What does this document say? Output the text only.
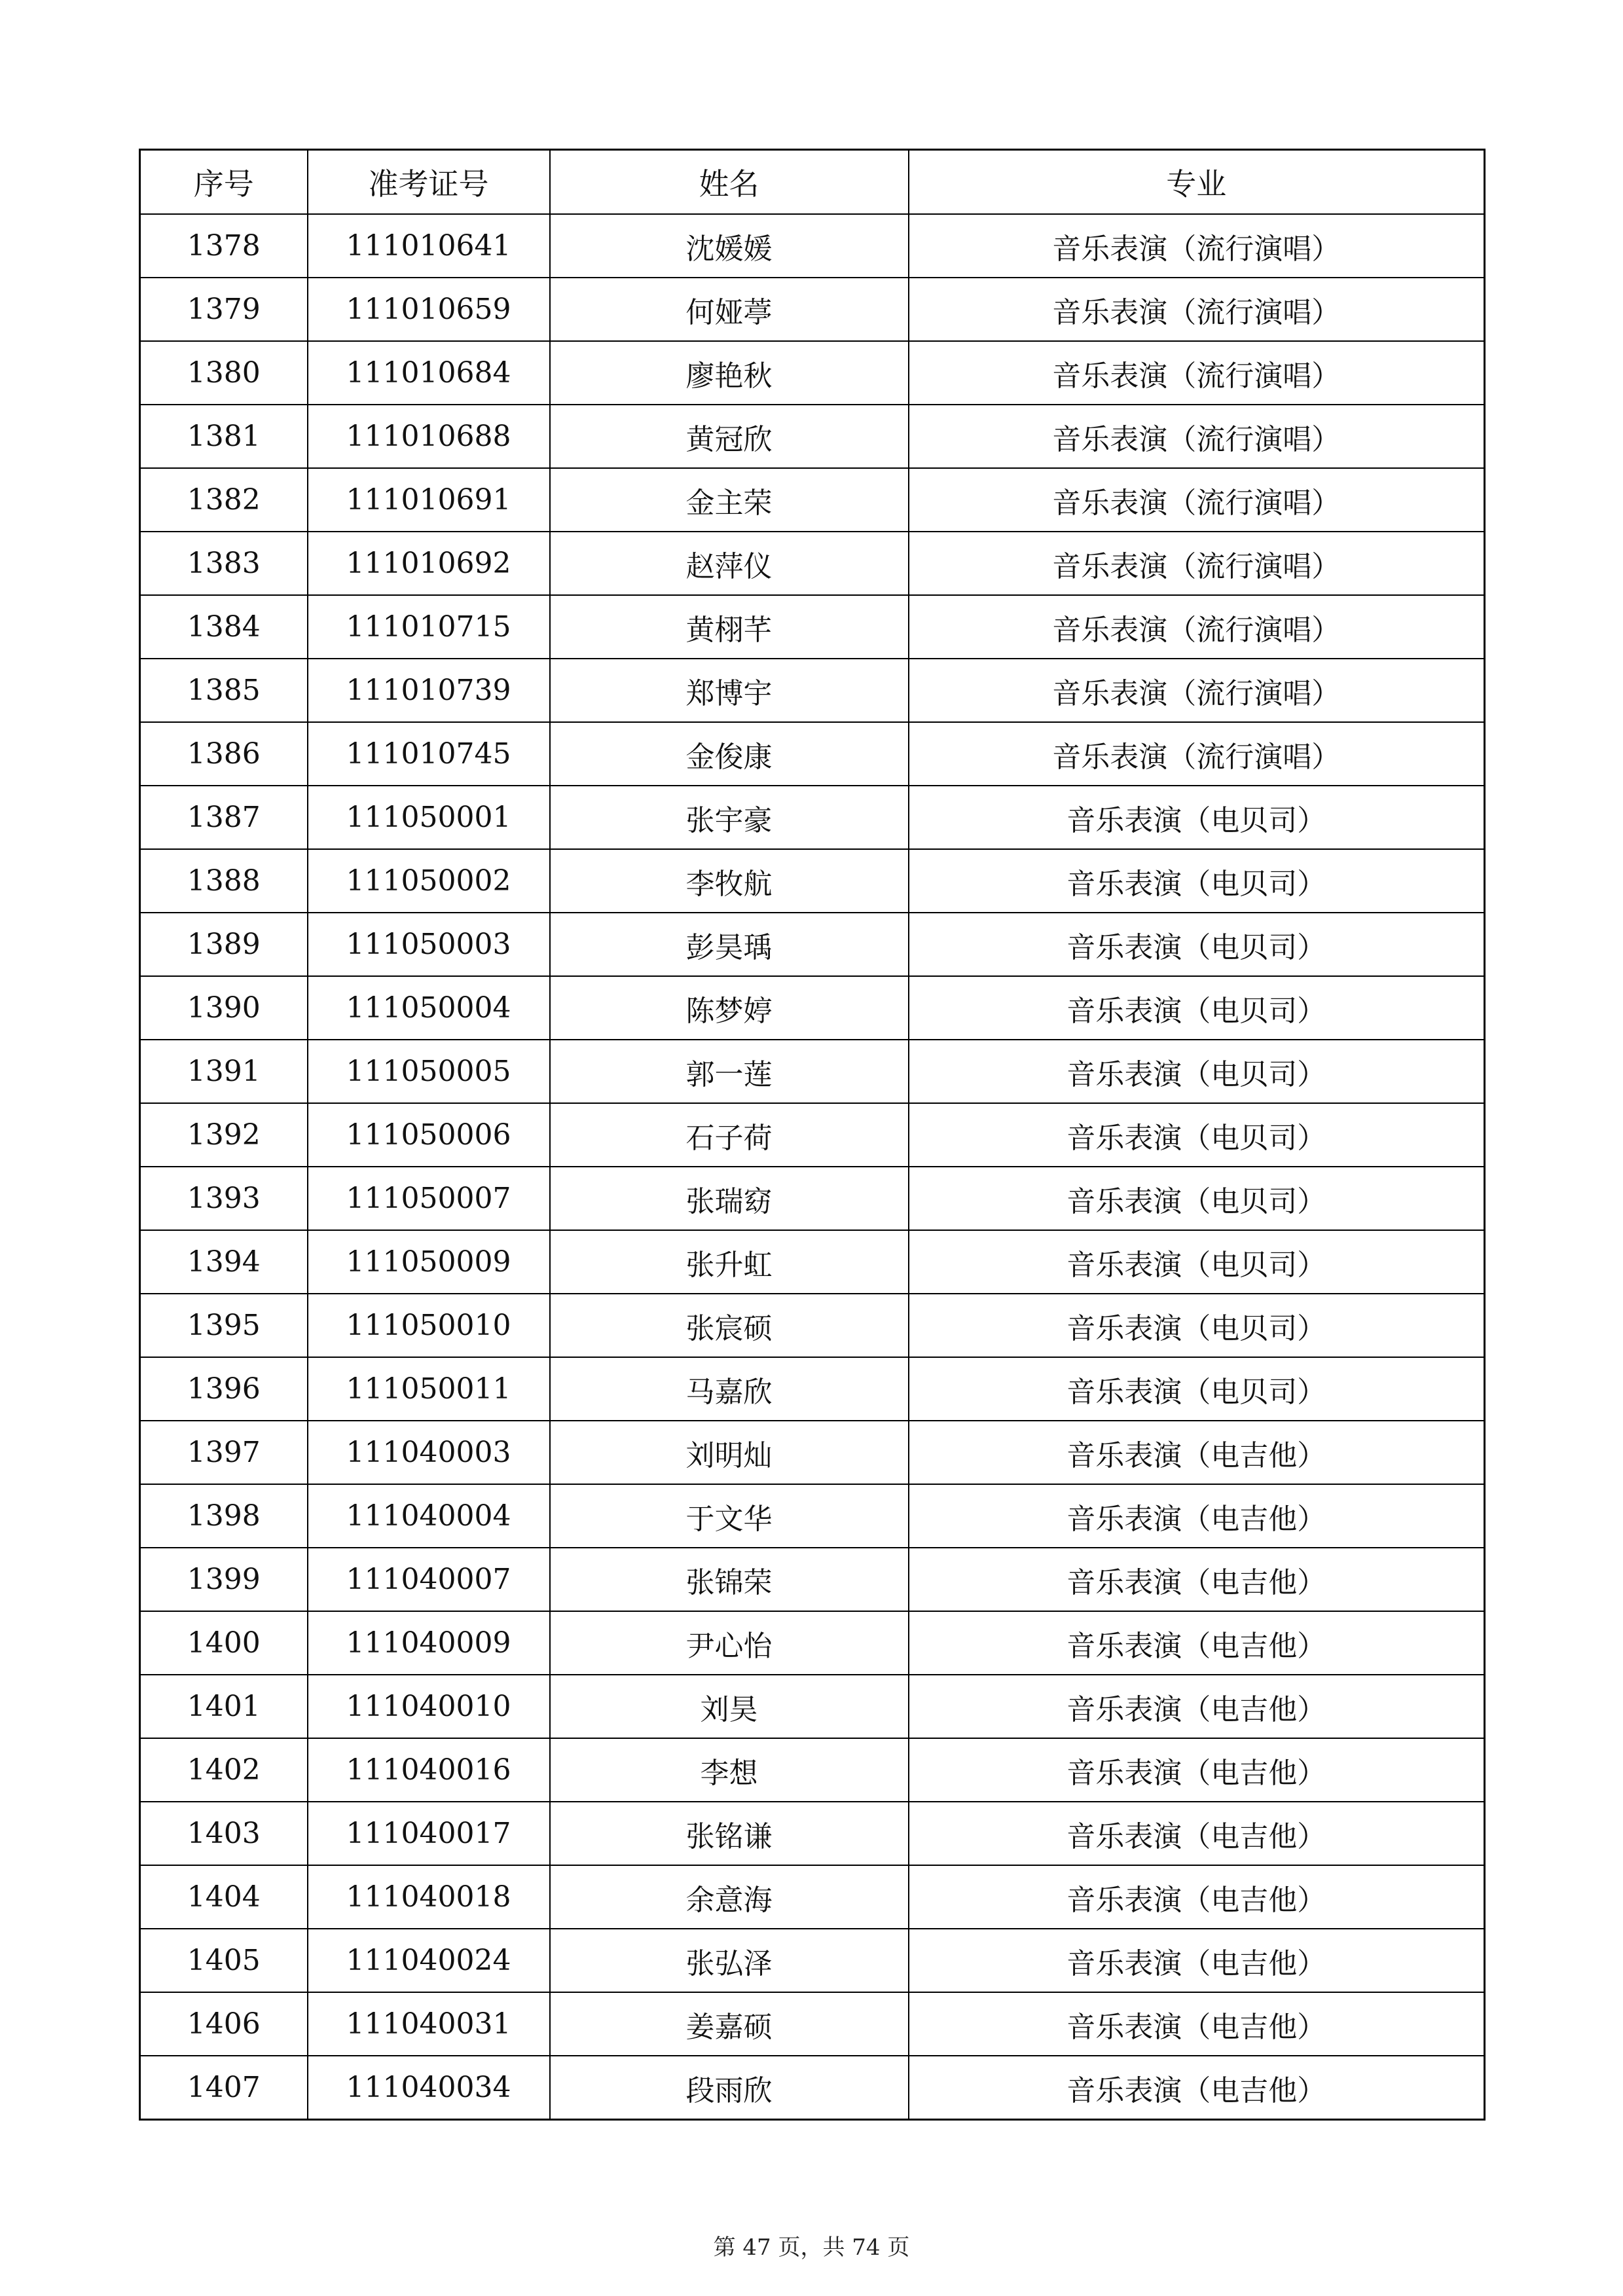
序号	准考证号	姓名	专业
1378	111010641	沈媛媛	音乐表演（流行演唱）
1379	111010659	何娅葶	音乐表演（流行演唱）
1380	111010684	廖艳秋	音乐表演（流行演唱）
1381	111010688	黄冠欣	音乐表演（流行演唱）
1382	111010691	金主荣	音乐表演（流行演唱）
1383	111010692	赵萍仪	音乐表演（流行演唱）
1384	111010715	黄栩芊	音乐表演（流行演唱）
1385	111010739	郑博宇	音乐表演（流行演唱）
1386	111010745	金俊康	音乐表演（流行演唱）
1387	111050001	张宇豪	音乐表演（电贝司）
1388	111050002	李牧航	音乐表演（电贝司）
1389	111050003	彭昊瑀	音乐表演（电贝司）
1390	111050004	陈梦婷	音乐表演（电贝司）
1391	111050005	郭一莲	音乐表演（电贝司）
1392	111050006	石子荷	音乐表演（电贝司）
1393	111050007	张瑞窈	音乐表演（电贝司）
1394	111050009	张升虹	音乐表演（电贝司）
1395	111050010	张宸硕	音乐表演（电贝司）
1396	111050011	马嘉欣	音乐表演（电贝司）
1397	111040003	刘明灿	音乐表演（电吉他）
1398	111040004	于文华	音乐表演（电吉他）
1399	111040007	张锦荣	音乐表演（电吉他）
1400	111040009	尹心怡	音乐表演（电吉他）
1401	111040010	刘昊	音乐表演（电吉他）
1402	111040016	李想	音乐表演（电吉他）
1403	111040017	张铭谦	音乐表演（电吉他）
1404	111040018	余意海	音乐表演（电吉他）
1405	111040024	张弘泽	音乐表演（电吉他）
1406	111040031	姜嘉硕	音乐表演（电吉他）
1407	111040034	段雨欣	音乐表演（电吉他）
第 47 页，共 74 页
